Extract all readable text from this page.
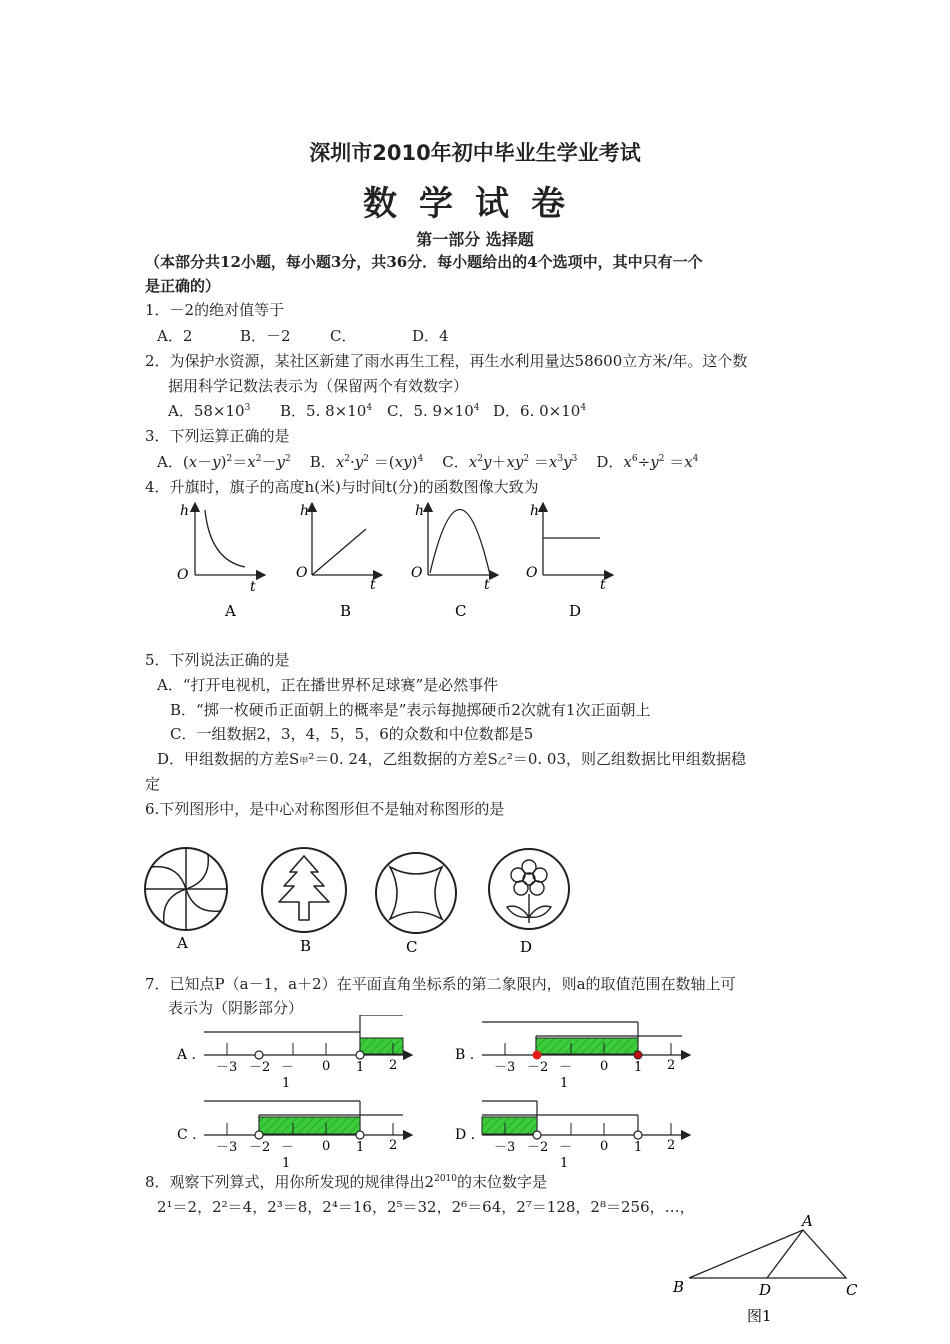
深圳市2010年初中毕业生学业考试
数学试卷
第一部分 选择题
（本部分共12小题，每小题3分，共36分．每小题给出的4个选项中，其中只有一个
是正确的）
1．－2的绝对值等于
A．2	B．－2	C．	D．4
2．为保护水资源，某社区新建了雨水再生工程，再生水利用量达58600立方米/年。这个数
据用科学记数法表示为（保留两个有效数字）
A．$58\times 10^3$ B．5. $8\times 10^4$ C．5. $9\times 10^4$ D．6. $0\times 10^4$
3．下列运算正确的是
A．$(x-y)^2=x^2-y^2$    B．$x^2\cdot y^2 =(xy)^4$    C．$x^2y+xy^2 =x^3y^3$    D．$x^6\div y^2 =x^4$
4．升旗时，旗子的高度h(米)与时间t(分)的函数图像大致为
h
O
t
h
O
t
h
O
t
h
O
t
A	B	C	D
5．下列说法正确的是
A．“打开电视机，正在播世界杯足球赛”是必然事件
B．“掷一枚硬币正面朝上的概率是”表示每抛掷硬币2次就有1次正面朝上
C．一组数据2，3，4，5，5，6的众数和中位数都是5
D．甲组数据的方差S甲²＝0. 24，乙组数据的方差S乙²＝0. 03，则乙组数据比甲组数据稳
定
6.下列图形中，是中心对称图形但不是轴对称图形的是
A	B	C	D
7．已知点P（a－1，a＋2）在平面直角坐标系的第二象限内，则a的取值范围在数轴上可
表示为（阴影部分）
A .
－3 －2 －
1
0 1 2
B .
－3 －2 －
1
0 1 2
C .
－3 －2 －
1
0 1 2
D .
－3 －2 －
1
0 1 2
8．观察下列算式，用你所发现的规律得出$2^{2010}$的末位数字是
2¹＝2，2²＝4，2³＝8，2⁴＝16，2⁵＝32，2⁶＝64，2⁷＝128，2⁸＝256，…，
A
B	D	C
图1
